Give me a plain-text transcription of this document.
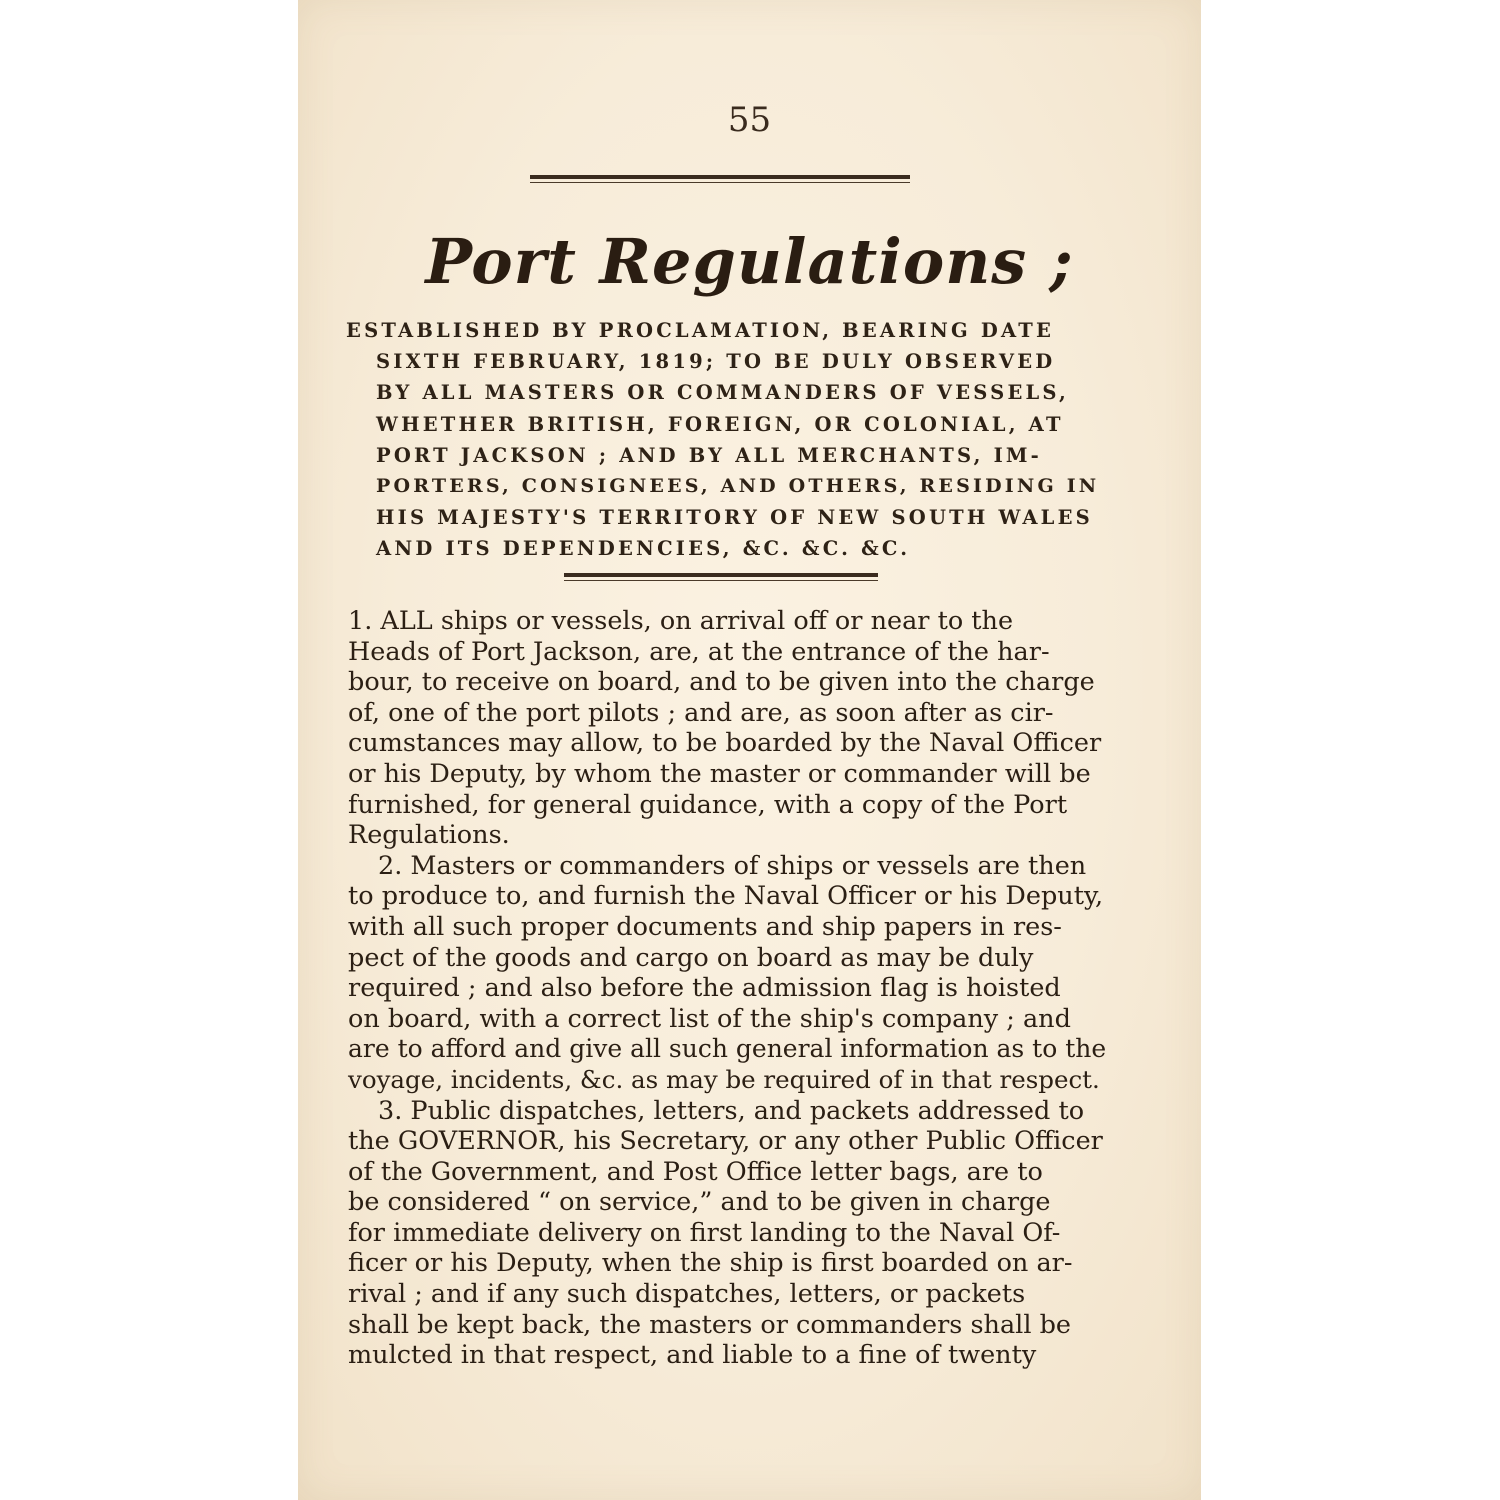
55
Port Regulations ;
ESTABLISHED BY PROCLAMATION, BEARING DATE
SIXTH FEBRUARY, 1819; TO BE DULY OBSERVED
BY ALL MASTERS OR COMMANDERS OF VESSELS,
WHETHER BRITISH, FOREIGN, OR COLONIAL, AT
PORT JACKSON ; AND BY ALL MERCHANTS, IM-
PORTERS, CONSIGNEES, AND OTHERS, RESIDING IN
HIS MAJESTY'S TERRITORY OF NEW SOUTH WALES
AND ITS DEPENDENCIES, &C. &C. &C.
1. ALL ships or vessels, on arrival off or near to the
Heads of Port Jackson, are, at the entrance of the har-
bour, to receive on board, and to be given into the charge
of, one of the port pilots ; and are, as soon after as cir-
cumstances may allow, to be boarded by the Naval Officer
or his Deputy, by whom the master or commander will be
furnished, for general guidance, with a copy of the Port
Regulations.
2. Masters or commanders of ships or vessels are then
to produce to, and furnish the Naval Officer or his Deputy,
with all such proper documents and ship papers in res-
pect of the goods and cargo on board as may be duly
required ; and also before the admission flag is hoisted
on board, with a correct list of the ship's company ; and
are to afford and give all such general information as to the
voyage, incidents, &c. as may be required of in that respect.
3. Public dispatches, letters, and packets addressed to
the GOVERNOR, his Secretary, or any other Public Officer
of the Government, and Post Office letter bags, are to
be considered “ on service,” and to be given in charge
for immediate delivery on first landing to the Naval Of-
ficer or his Deputy, when the ship is first boarded on ar-
rival ; and if any such dispatches, letters, or packets
shall be kept back, the masters or commanders shall be
mulcted in that respect, and liable to a fine of twenty
